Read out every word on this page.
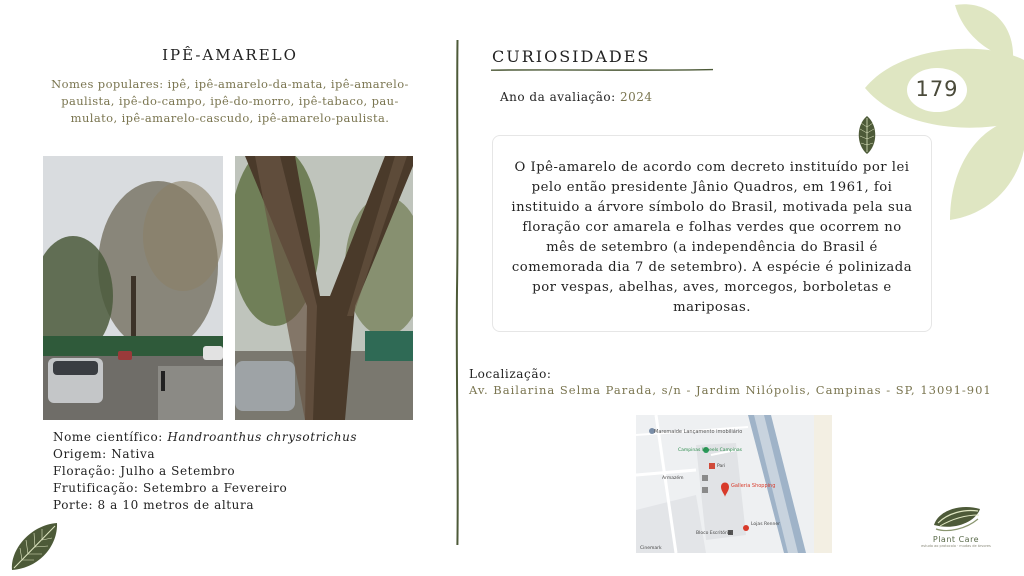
IPÊ-AMARELO
Nomes populares: ipê, ipê-amarelo-da-mata, ipê-amarelo-paulista, ipê-do-campo, ipê-do-morro, ipê-tabaco, pau-mulato, ipê-amarelo-cascudo, ipê-amarelo-paulista.
Nome científico: Handroanthus chrysotrichus
Origem: Nativa
Floração: Julho a Setembro
Frutificação: Setembro a Fevereiro
Porte: 8 a 10 metros de altura
CURIOSIDADES
Ano da avaliação: 2024	179
O Ipê-amarelo de acordo com decreto instituído por lei pelo então presidente Jânio Quadros, em 1961, foi instituido a árvore símbolo do Brasil, motivada pela sua floração cor amarela e folhas verdes que ocorrem no mês de setembro (a independência do Brasil é comemorada dia 7 de setembro). A espécie é polinizada por vespas, abelhas, aves, morcegos, borboletas e mariposas.
Localização:
Av. Bailarina Selma Parada, s/n - Jardim Nilópolis, Campinas - SP, 13091-901
Maremaide Lançamento imobiliário
Campinas Wheels Campinas
Pari
Armazém
Galleria Shopping
Lojas Renner
Bloco Escritório
Cinemark
Plant Care
estudo ao protocolo · mudas de árvores
